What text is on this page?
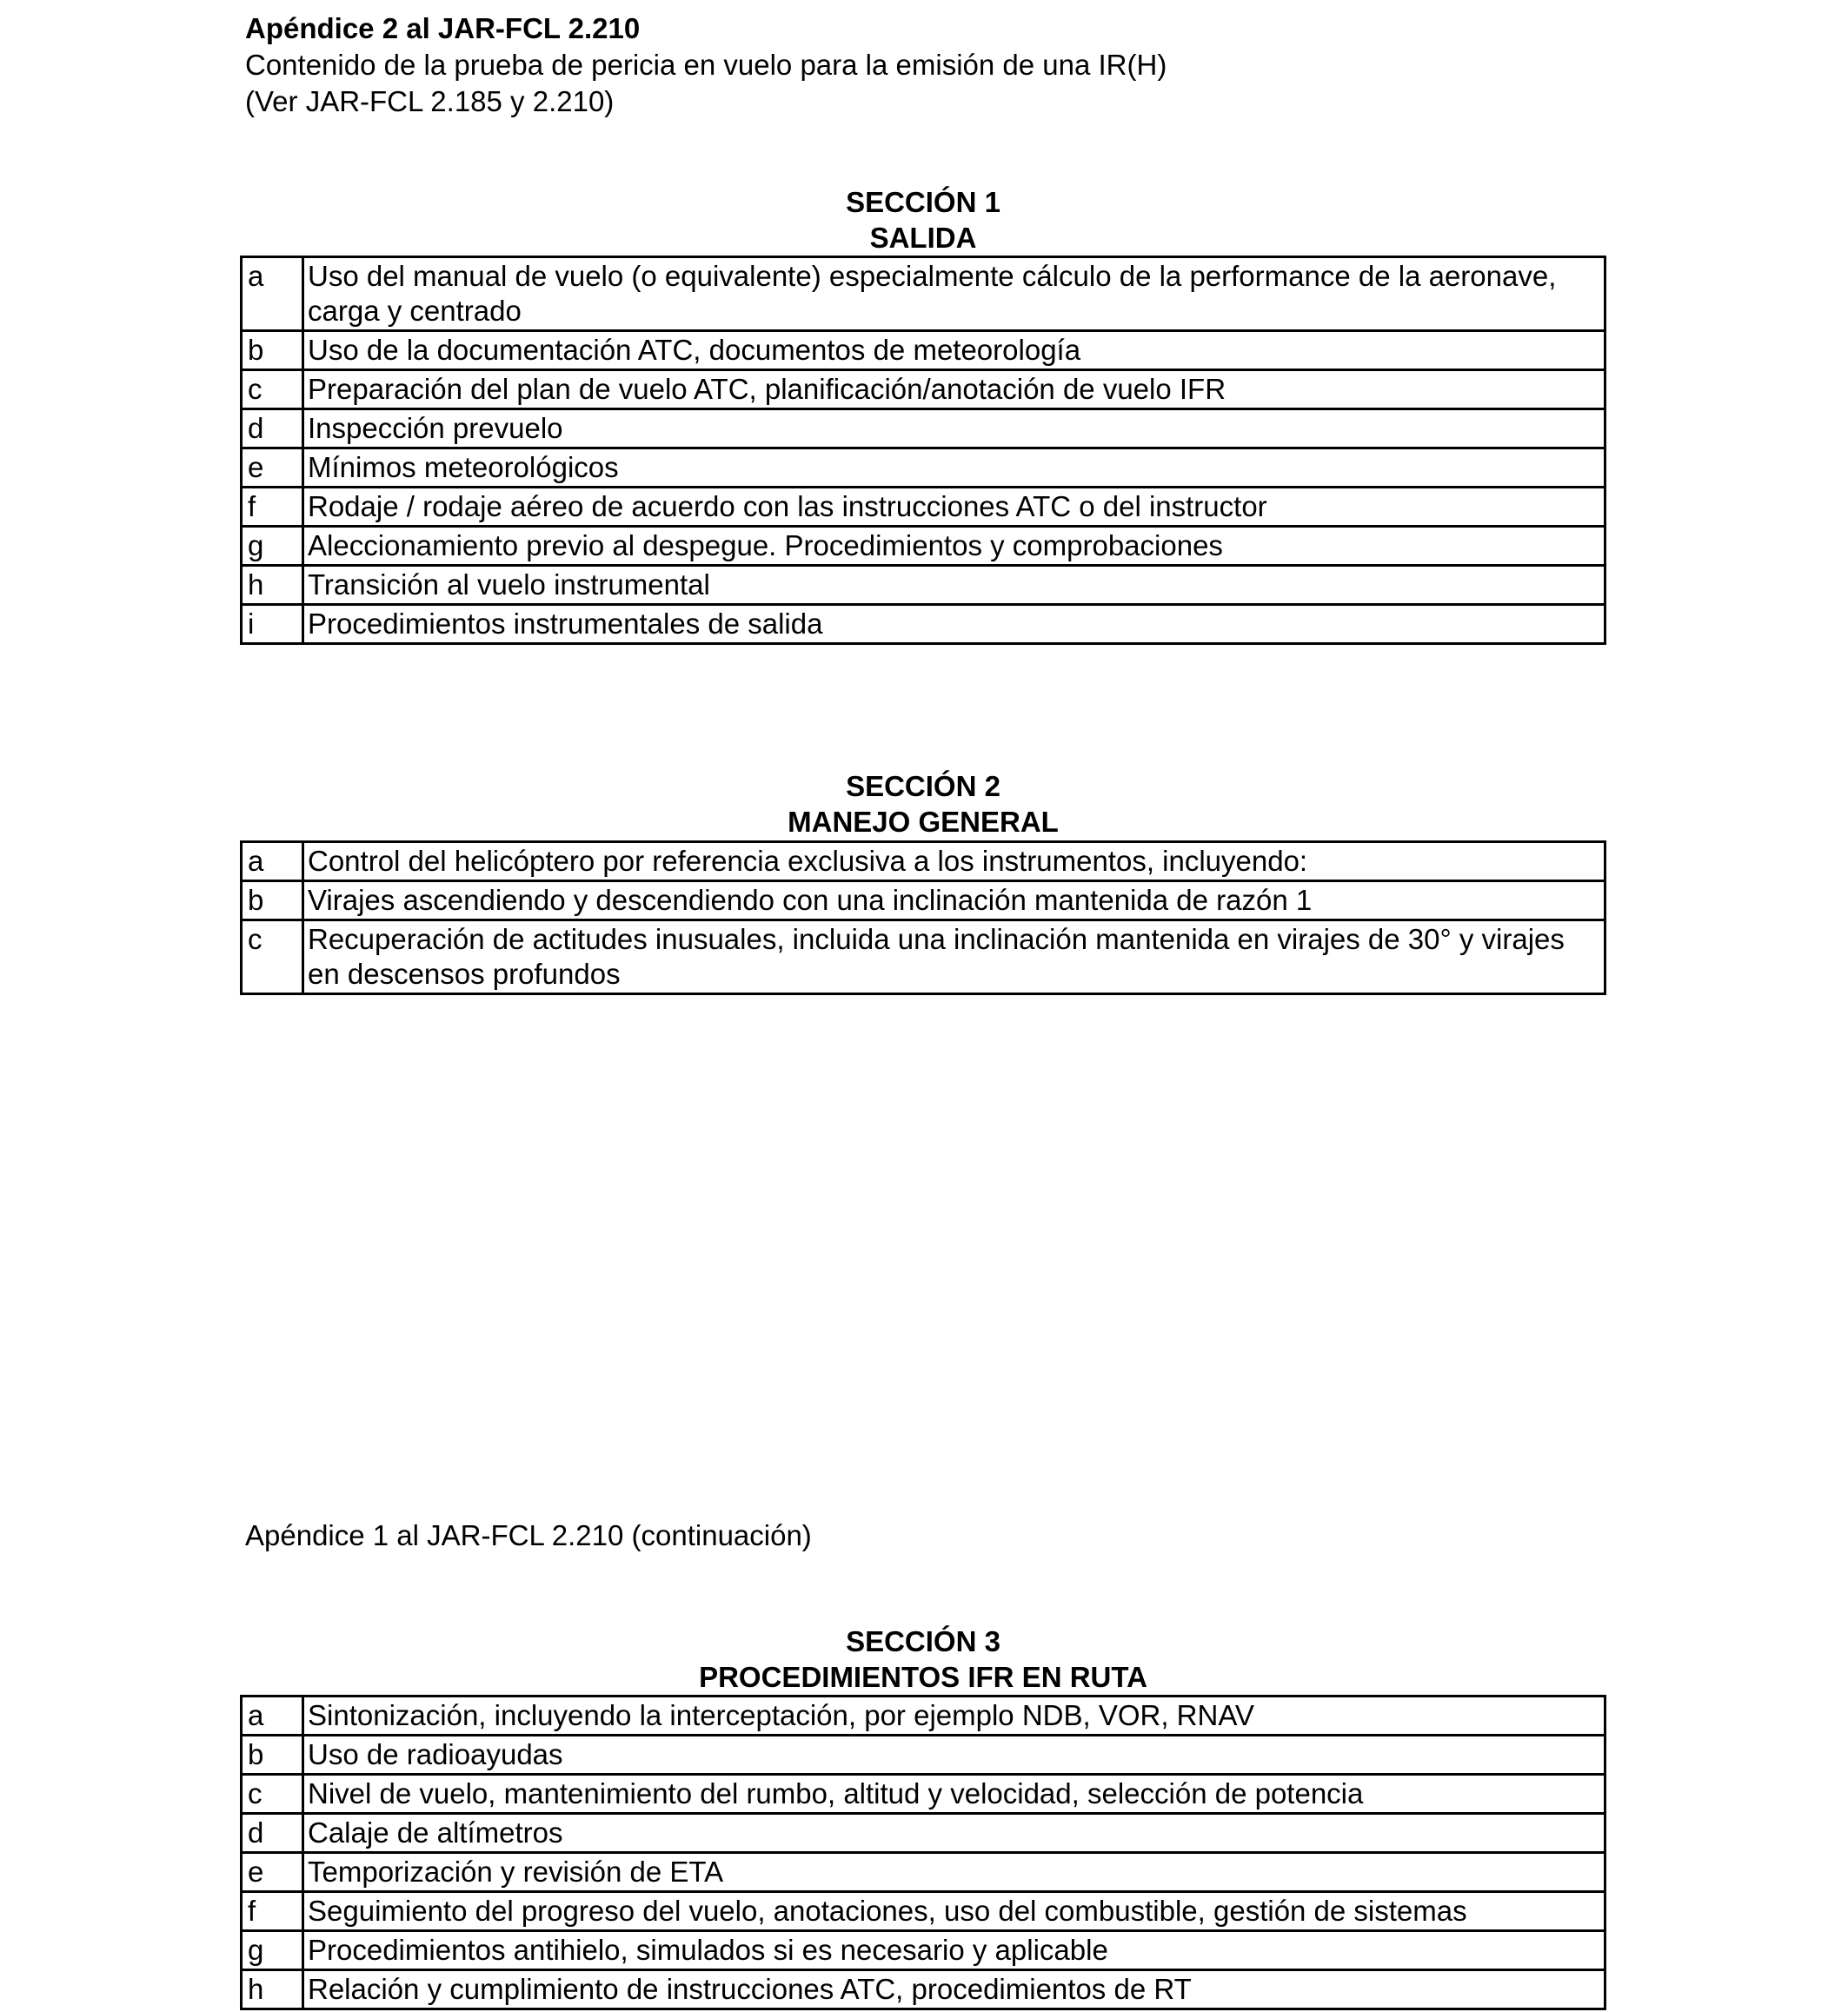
Apéndice 2 al JAR-FCL 2.210
Contenido de la prueba de pericia en vuelo para la emisión de una IR(H)
(Ver JAR-FCL 2.185 y 2.210)
SECCIÓN 1
SALIDA
a	Uso del manual de vuelo (o equivalente) especialmente cálculo de la performance de la aeronave, carga y centrado
b	Uso de la documentación ATC, documentos de meteorología
c	Preparación del plan de vuelo ATC, planificación/anotación de vuelo IFR
d	Inspección prevuelo
e	Mínimos meteorológicos
f	Rodaje / rodaje aéreo de acuerdo con las instrucciones ATC o del instructor
g	Aleccionamiento previo al despegue. Procedimientos y comprobaciones
h	Transición al vuelo instrumental
i	Procedimientos instrumentales de salida
SECCIÓN 2
MANEJO GENERAL
a	Control del helicóptero por referencia exclusiva a los instrumentos, incluyendo:
b	Virajes ascendiendo y descendiendo con una inclinación mantenida de razón 1
c	Recuperación de actitudes inusuales, incluida una inclinación mantenida en virajes de 30° y virajes en descensos profundos
Apéndice 1 al JAR-FCL 2.210 (continuación)
SECCIÓN 3
PROCEDIMIENTOS IFR EN RUTA
a	Sintonización, incluyendo la interceptación, por ejemplo NDB, VOR, RNAV
b	Uso de radioayudas
c	Nivel de vuelo, mantenimiento del rumbo, altitud y velocidad, selección de potencia
d	Calaje de altímetros
e	Temporización y revisión de ETA
f	Seguimiento del progreso del vuelo, anotaciones, uso del combustible, gestión de sistemas
g	Procedimientos antihielo, simulados si es necesario y aplicable
h	Relación y cumplimiento de instrucciones ATC, procedimientos de RT
